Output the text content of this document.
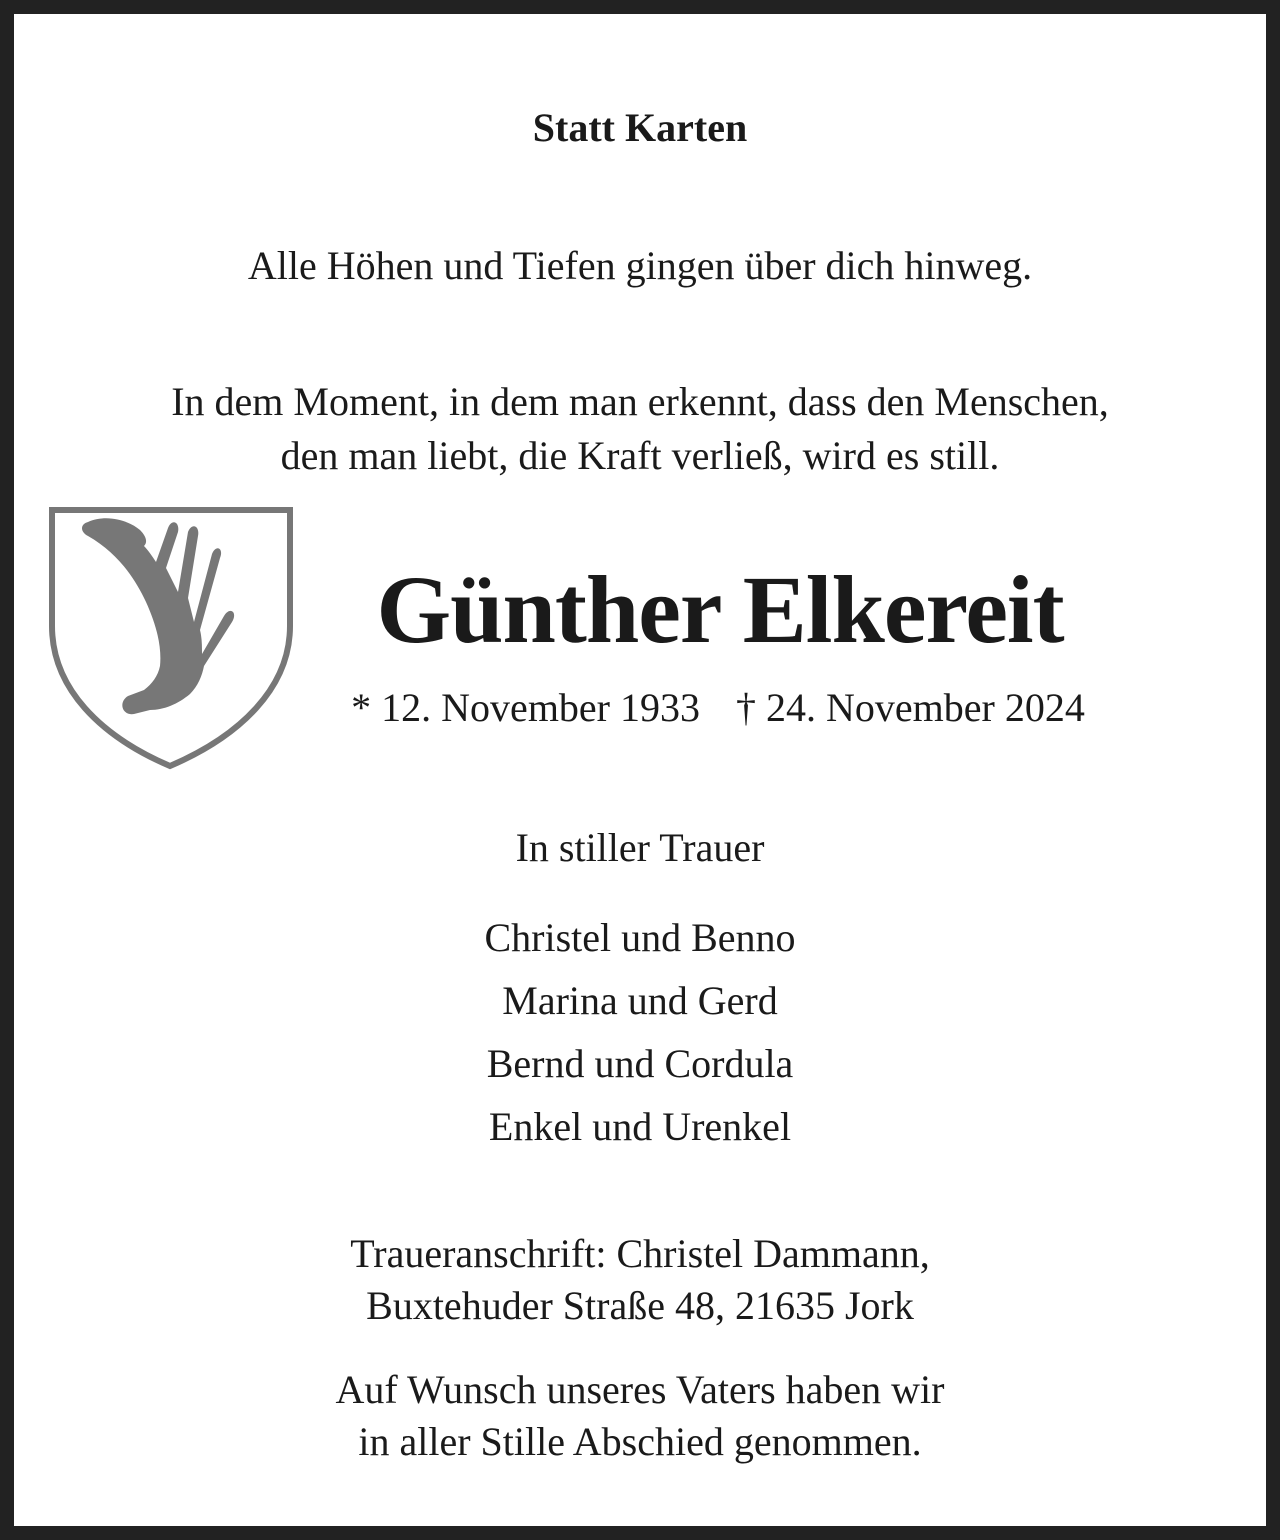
Statt Karten
Alle Höhen und Tiefen gingen über dich hinweg.
In dem Moment, in dem man erkennt, dass den Menschen,
den man liebt, die Kraft verließ, wird es still.
Günther Elkereit
* 12. November 1933 † 24. November 2024
In stiller Trauer
Christel und Benno
Marina und Gerd
Bernd und Cordula
Enkel und Urenkel
Traueranschrift: Christel Dammann,
Buxtehuder Straße 48, 21635 Jork
Auf Wunsch unseres Vaters haben wir
in aller Stille Abschied genommen.
